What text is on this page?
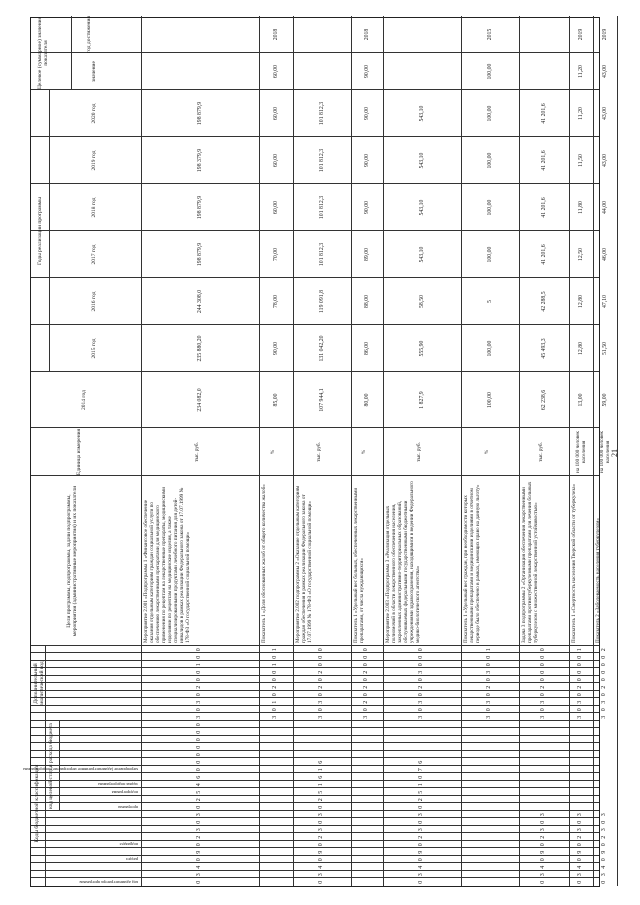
21
Коды бюджетной классификации код целевой статьи расхода бюджета
Дополнительный аналитический код
Цели программы, подпрограммы, задачи подпрограммы, мероприятия (административные мероприятия) и их показатели
Единица измерения
2014 год
Годы реализации программы
2015 год
2016 год
2017 год
2018 год
2019 год
2020 год
Целевое (суммарное) значение показателя
значение
год достижения
код администратора программы
раздел
подраздел
программа
подпрограмма
задача подпрограммы
мероприятие (административное мероприятие) подпрограммы
0
3
4
0
9
0
2
3
0
3
0
2
5
4
6
0
0
0
0
0
0
0
3
0
3
0
2
0
0
1
0
0
Мероприятие 2.001 «Подпрограмма 1 «Финансовое обеспечение оказания отдельным категориям граждан социальной услуги по обеспечению лекарственными препаратами для медицинского применения по рецептам на лекарственные препараты, медицинскими изделиями по рецептам на медицинские изделия, а также специализированными продуктами лечебного питания для детей-инвалидов в рамках реализации Федерального закона от 17.07.1999 № 178-ФЗ «О государственной социальной помощи»
тыс. руб.
234 082,0
235 880,20
244 308,0
198 879,9
198 879,9
198 379,9
198 879,9
3
0
1
0
2
0
0
1
0
1
Показатель 1 «Доля обоснованных жалоб от общего количества жалоб»
%
85,00
90,00
78,00
70,00
60,00
60,00
60,00
60,00
2018
0
3
4
0
9
0
2
3
0
3
0
2
5
1
6
1
6
3
0
3
0
2
0
2
0
0
0
Мероприятие 2.002 подпрограммы 2 «Оказание отдельным категориям граждан обеспечения в рамках реализации Федерального закона от 17.07.1999 № 178-ФЗ «О государственной социальной помощи»
тыс. руб.
107 944,1
131 042,20
119 091,8
101 812,3
101 812,3
101 812,3
101 812,3
3
0
2
0
2
0
2
0
0
0
Показатель 1 «Удельный вес больных, обеспеченных лекарственными препаратами, от числа нуждающихся»
%
80,00
86,00
88,00
89,00
90,00
90,00
90,00
90,00
2018
0
3
4
0
9
0
2
3
0
3
0
2
5
1
0
7
6
3
0
3
0
2
0
3
0
0
0
Мероприятие 2.003 «Подпрограмма 3 «Реализация отдельных полномочий в области лекарственного обеспечения населения, закрепленных административно-территориальных образований, обслуживаемых федеральными государственными бюджетными учреждениями здравоохранения, находящимися в ведении Федерального медико-биологического агентства»
тыс. руб.
1 827,9
555,90
58,50
543,10
543,10
543,10
543,10
3
0
3
0
2
0
3
0
0
1
Показатель 1 «Удельный вес граждан, при необходимости которых лекарственными препаратами и медицинскими изделиями в отчетном периоде было обеспечено в рамках, имеющих право на данную льготу»
%
100,00
100,00
5
100,00
100,00
100,00
100,00
100,00
2015
0
3
4
0
9
0
2
3
0
3
3
0
3
0
2
0
0
0
0
0
Задача 3 подпрограммы 2 «Организация обеспечения лекарственными препаратами противотуберкулезными препаратами для лечения больных туберкулезом с множественной лекарственной устойчивостью»
тыс. руб.
62 238,6
45 493,3
42 288,5
41 201,6
41 201,6
41 201,6
41 201,6
0
3
4
0
9
0
2
3
0
3
3
0
3
0
2
0
0
0
0
1
Показатель 1 «Смертность населения Тверской области от туберкулеза»
на 100 000 человек населения
13,00
12,80
12,80
12,50
11,80
11,50
11,20
11,20
2019
0
3
4
0
9
0
2
3
0
3
3
0
3
0
2
0
0
0
0
2
Показатель 2 «Заболеваемость населения туберкулезом»
на 100 000 человек населения
59,00
51,50
47,10
46,00
44,00
43,00
43,00
43,00
2019
